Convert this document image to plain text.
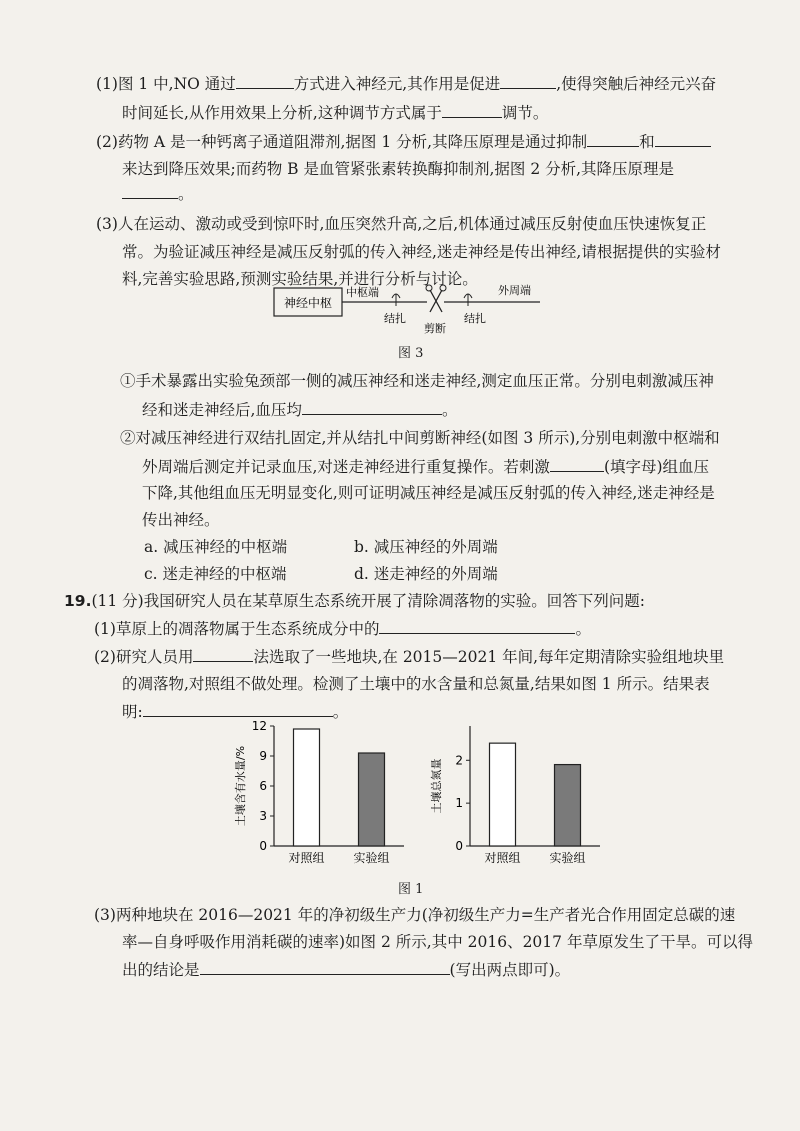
(1)图 1 中,NO 通过	方式进入神经元,其作用是促进	,使得突触后神经元兴奋
时间延长,从作用效果上分析,这种调节方式属于	调节。
(2)药物 A 是一种钙离子通道阻滞剂,据图 1 分析,其降压原理是通过抑制	和
来达到降压效果;而药物 B 是血管紧张素转换酶抑制剂,据图 2 分析,其降压原理是
。
(3)人在运动、激动或受到惊吓时,血压突然升高,之后,机体通过减压反射使血压快速恢复正
常。为验证减压神经是减压反射弧的传入神经,迷走神经是传出神经,请根据提供的实验材
料,完善实验思路,预测实验结果,并进行分析与讨论。
神经中枢
中枢端	外周端
结扎
剪断
结扎
图 3
①手术暴露出实验兔颈部一侧的减压神经和迷走神经,测定血压正常。分别电刺激减压神
经和迷走神经后,血压均	。
②对减压神经进行双结扎固定,并从结扎中间剪断神经(如图 3 所示),分别电刺激中枢端和
外周端后测定并记录血压,对迷走神经进行重复操作。若刺激	(填字母)组血压
下降,其他组血压无明显变化,则可证明减压神经是减压反射弧的传入神经,迷走神经是
传出神经。
a. 减压神经的中枢端	b. 减压神经的外周端
c. 迷走神经的中枢端	d. 迷走神经的外周端
19.(11 分)我国研究人员在某草原生态系统开展了清除凋落物的实验。回答下列问题:
(1)草原上的凋落物属于生态系统成分中的	。
(2)研究人员用	法选取了一些地块,在 2015—2021 年间,每年定期清除实验组地块里
的凋落物,对照组不做处理。检测了土壤中的水含量和总氮量,结果如图 1 所示。结果表
明:	。
0
3
6
9
12
土壤含有水量/%
对照组 实验组
0
1
2
土壤总氮量
对照组 实验组
图 1
(3)两种地块在 2016—2021 年的净初级生产力(净初级生产力=生产者光合作用固定总碳的速
率—自身呼吸作用消耗碳的速率)如图 2 所示,其中 2016、2017 年草原发生了干旱。可以得
出的结论是	(写出两点即可)。
